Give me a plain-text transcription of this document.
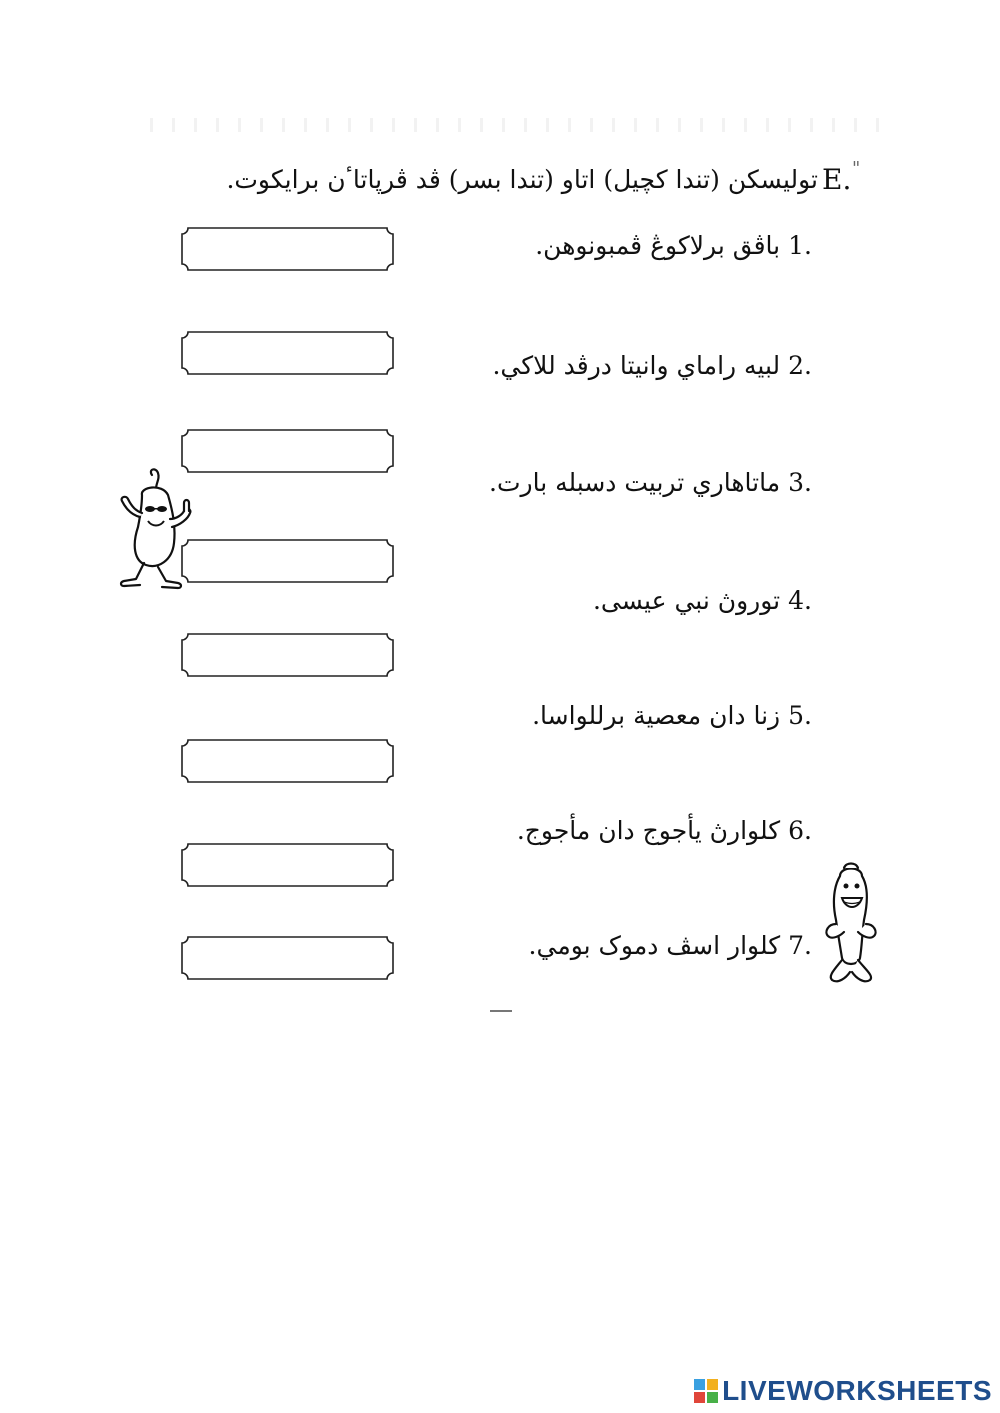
"
E.
تولیسکن (تندا کچیل) اتاو (تندا بسر) ڤد ڤرپاتاٴن برایکوت.
1.
باڤق برلاكوڠ ڤمبونوهن.
2.
لبيه راماي وانيتا درڤد للاكي.
3.
ماتاهاري تربيت دسبله بارت.
4.
توروڽ نبي عيسى.
5.
زنا دان معصية برللواسا.
6.
كلوارڽ يأجوج دان مأجوج.
7.
كلوار اسڤ دموک بومي.
LIVEWORKSHEETS
